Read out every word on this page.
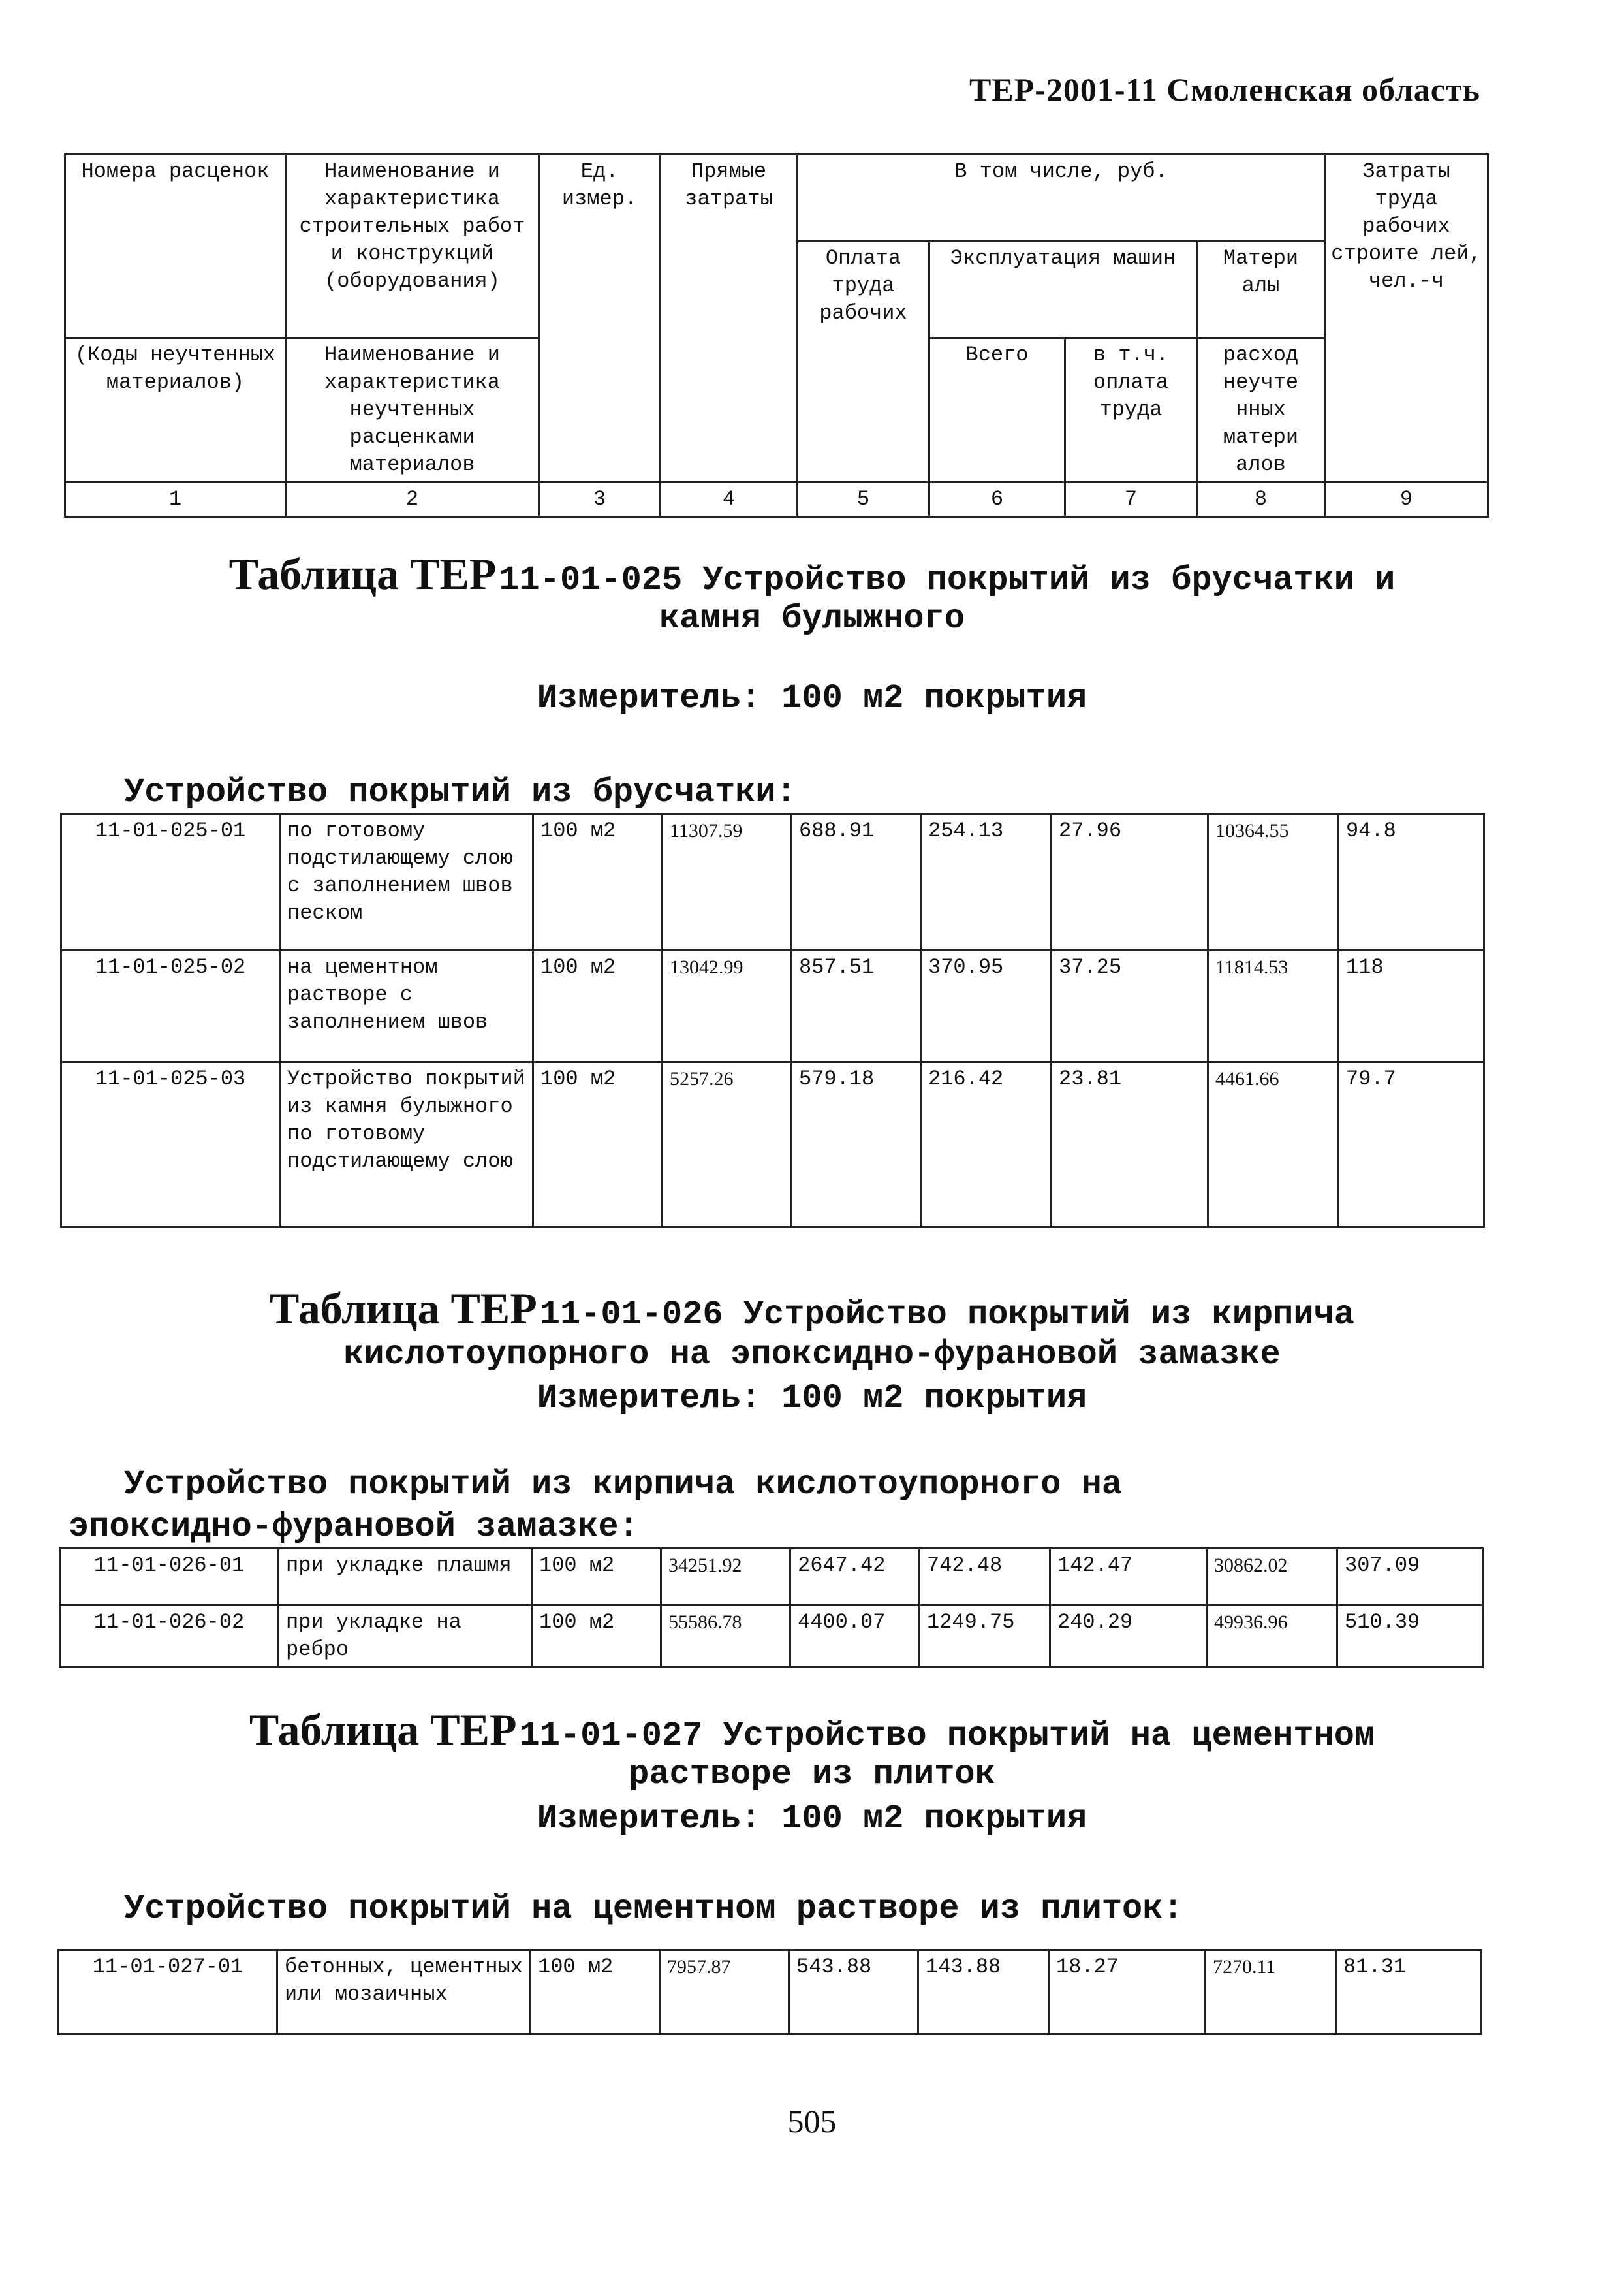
ТЕР-2001-11 Смоленская область
Номера расценок	Наименование и характеристика строительных работ и конструкций (оборудования)	Ед. измер.	Прямые затраты	В том числе, руб.				Затраты труда рабочих строите лей, чел.-ч
				Оплата труда рабочих	Эксплуатация машин		Матери алы	
(Коды неучтенных материалов)	Наименование и характеристика неучтенных расценками материалов				Всего	в т.ч. оплата труда	расход неучте нных матери алов	
1	2	3	4	5	6	7	8	9
Таблица ТЕР 11-01-025 Устройство покрытий из брусчатки и
камня булыжного
Измеритель: 100 м2 покрытия
Устройство покрытий из брусчатки:
11-01-025-01	по готовому подстилающему слою с заполнением швов песком	100 м2	11307.59	688.91	254.13	27.96	10364.55	94.8
11-01-025-02	на цементном растворе с заполнением швов	100 м2	13042.99	857.51	370.95	37.25	11814.53	118
11-01-025-03	Устройство покрытий из камня булыжного по готовому подстилающему слою	100 м2	5257.26	579.18	216.42	23.81	4461.66	79.7
Таблица ТЕР 11-01-026 Устройство покрытий из кирпича
кислотоупорного на эпоксидно-фурановой замазке
Измеритель: 100 м2 покрытия
Устройство покрытий из кирпича кислотоупорного на
эпоксидно-фурановой замазке:
11-01-026-01	при укладке плашмя	100 м2	34251.92	2647.42	742.48	142.47	30862.02	307.09
11-01-026-02	при укладке на ребро	100 м2	55586.78	4400.07	1249.75	240.29	49936.96	510.39
Таблица ТЕР 11-01-027 Устройство покрытий на цементном
растворе из плиток
Измеритель: 100 м2 покрытия
Устройство покрытий на цементном растворе из плиток:
11-01-027-01	бетонных, цементных или мозаичных	100 м2	7957.87	543.88	143.88	18.27	7270.11	81.31
505
